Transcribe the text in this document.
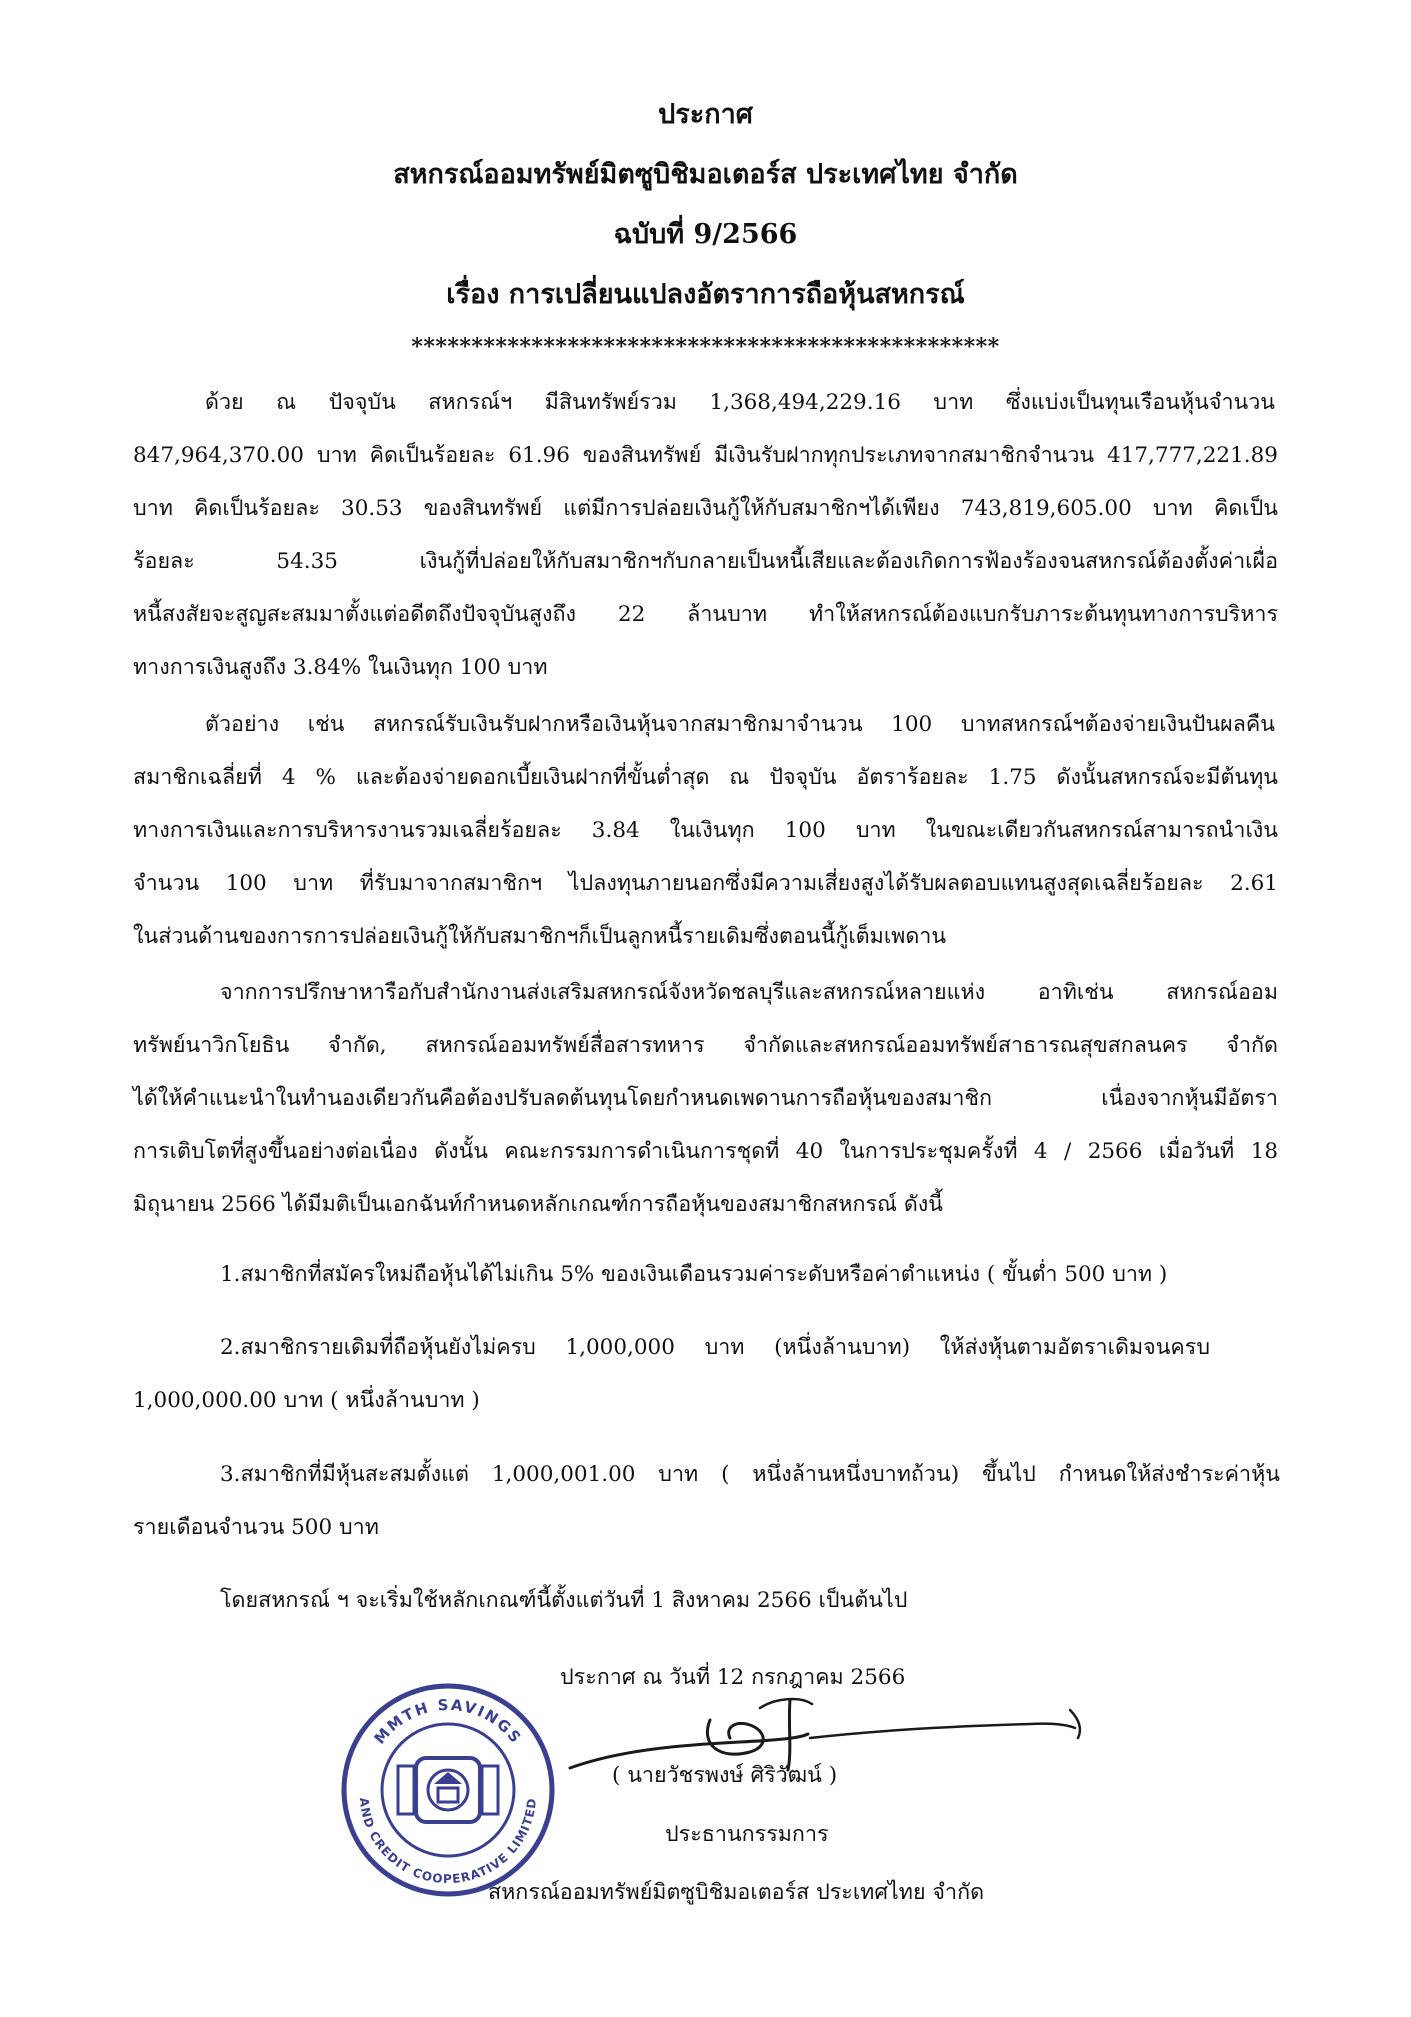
ประกาศ
สหกรณ์ออมทรัพย์มิตซูบิชิมอเตอร์ส ประเทศไทย จำกัด
ฉบับที่ 9/2566
เรื่อง การเปลี่ยนแปลงอัตราการถือหุ้นสหกรณ์
*************************************************
ด้วย ณ ปัจจุบัน สหกรณ์ฯ มีสินทรัพย์รวม 1,368,494,229.16 บาท ซึ่งแบ่งเป็นทุนเรือนหุ้นจำนวน
847,964,370.00 บาท คิดเป็นร้อยละ 61.96 ของสินทรัพย์ มีเงินรับฝากทุกประเภทจากสมาชิกจำนวน 417,777,221.89
บาท คิดเป็นร้อยละ 30.53 ของสินทรัพย์ แต่มีการปล่อยเงินกู้ให้กับสมาชิกฯได้เพียง 743,819,605.00 บาท คิดเป็น
ร้อยละ 54.35 เงินกู้ที่ปล่อยให้กับสมาชิกฯกับกลายเป็นหนี้เสียและต้องเกิดการฟ้องร้องจนสหกรณ์ต้องตั้งค่าเผื่อ
หนี้สงสัยจะสูญสะสมมาตั้งแต่อดีตถึงปัจจุบันสูงถึง 22 ล้านบาท ทำให้สหกรณ์ต้องแบกรับภาระต้นทุนทางการบริหาร
ทางการเงินสูงถึง 3.84% ในเงินทุก 100 บาท
ตัวอย่าง เช่น สหกรณ์รับเงินรับฝากหรือเงินหุ้นจากสมาชิกมาจำนวน 100 บาทสหกรณ์ฯต้องจ่ายเงินปันผลคืน
สมาชิกเฉลี่ยที่ 4 % และต้องจ่ายดอกเบี้ยเงินฝากที่ขั้นต่ำสุด ณ ปัจจุบัน อัตราร้อยละ 1.75 ดังนั้นสหกรณ์จะมีต้นทุน
ทางการเงินและการบริหารงานรวมเฉลี่ยร้อยละ 3.84 ในเงินทุก 100 บาท ในขณะเดียวกันสหกรณ์สามารถนำเงิน
จำนวน 100 บาท ที่รับมาจากสมาชิกฯ ไปลงทุนภายนอกซึ่งมีความเสี่ยงสูงได้รับผลตอบแทนสูงสุดเฉลี่ยร้อยละ 2.61
ในส่วนด้านของการการปล่อยเงินกู้ให้กับสมาชิกฯก็เป็นลูกหนี้รายเดิมซึ่งตอนนี้กู้เต็มเพดาน
จากการปรึกษาหารือกับสำนักงานส่งเสริมสหกรณ์จังหวัดชลบุรีและสหกรณ์หลายแห่ง อาทิเช่น สหกรณ์ออม
ทรัพย์นาวิกโยธิน จำกัด, สหกรณ์ออมทรัพย์สื่อสารทหาร จำกัดและสหกรณ์ออมทรัพย์สาธารณสุขสกลนคร จำกัด
ได้ให้คำแนะนำในทำนองเดียวกันคือต้องปรับลดต้นทุนโดยกำหนดเพดานการถือหุ้นของสมาชิก เนื่องจากหุ้นมีอัตรา
การเติบโตที่สูงขึ้นอย่างต่อเนื่อง ดังนั้น คณะกรรมการดำเนินการชุดที่ 40 ในการประชุมครั้งที่ 4 / 2566 เมื่อวันที่ 18
มิถุนายน 2566 ได้มีมติเป็นเอกฉันท์กำหนดหลักเกณฑ์การถือหุ้นของสมาชิกสหกรณ์ ดังนี้
1.สมาชิกที่สมัครใหม่ถือหุ้นได้ไม่เกิน 5% ของเงินเดือนรวมค่าระดับหรือค่าตำแหน่ง ( ขั้นต่ำ 500 บาท )
2.สมาชิกรายเดิมที่ถือหุ้นยังไม่ครบ 1,000,000 บาท (หนึ่งล้านบาท) ให้ส่งหุ้นตามอัตราเดิมจนครบ
1,000,000.00 บาท ( หนึ่งล้านบาท )
3.สมาชิกที่มีหุ้นสะสมตั้งแต่ 1,000,001.00 บาท ( หนึ่งล้านหนึ่งบาทถ้วน) ขึ้นไป กำหนดให้ส่งชำระค่าหุ้น
รายเดือนจำนวน 500 บาท
โดยสหกรณ์ ฯ จะเริ่มใช้หลักเกณฑ์นี้ตั้งแต่วันที่ 1 สิงหาคม 2566 เป็นต้นไป
ประกาศ ณ วันที่ 12 กรกฎาคม 2566
( นายวัชรพงษ์ ศิริวัฒน์ )
ประธานกรรมการ
สหกรณ์ออมทรัพย์มิตซูบิชิมอเตอร์ส ประเทศไทย จำกัด
MMTH SAVINGS
AND CREDIT COOPERATIVE LIMITED
